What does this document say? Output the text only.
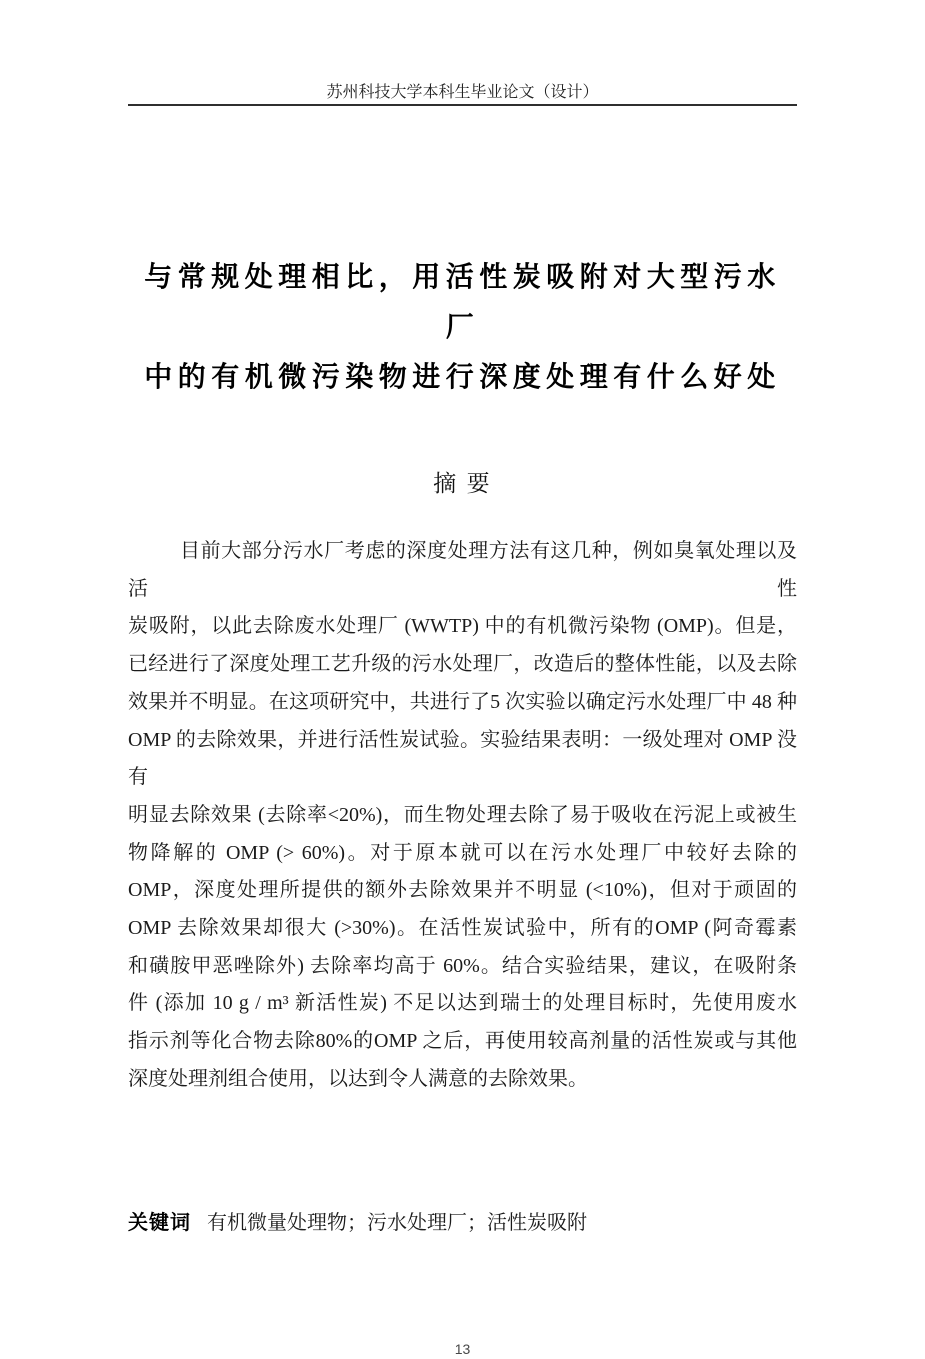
苏州科技大学本科生毕业论文（设计）
与常规处理相比，用活性炭吸附对大型污水厂
中的有机微污染物进行深度处理有什么好处
摘 要
目前大部分污水厂考虑的深度处理方法有这几种，例如臭氧处理以及活性
炭吸附，以此去除废水处理厂 (WWTP) 中的有机微污染物 (OMP)。但是，
已经进行了深度处理工艺升级的污水处理厂，改造后的整体性能，以及去除
效果并不明显。在这项研究中，共进行了5 次实验以确定污水处理厂中 48 种
OMP 的去除效果，并进行活性炭试验。实验结果表明：一级处理对 OMP 没有
明显去除效果 (去除率<20%)，而生物处理去除了易于吸收在污泥上或被生
物降解的 OMP (> 60%)。对于原本就可以在污水处理厂中较好去除的
OMP，深度处理所提供的额外去除效果并不明显 (<10%)，但对于顽固的
OMP 去除效果却很大 (>30%)。在活性炭试验中，所有的OMP (阿奇霉素
和磺胺甲恶唑除外) 去除率均高于 60%。结合实验结果，建议，在吸附条
件 (添加 10 g / m³ 新活性炭) 不足以达到瑞士的处理目标时，先使用废水
指示剂等化合物去除80%的OMP 之后，再使用较高剂量的活性炭或与其他
深度处理剂组合使用，以达到令人满意的去除效果。
关键词 有机微量处理物；污水处理厂；活性炭吸附
13
